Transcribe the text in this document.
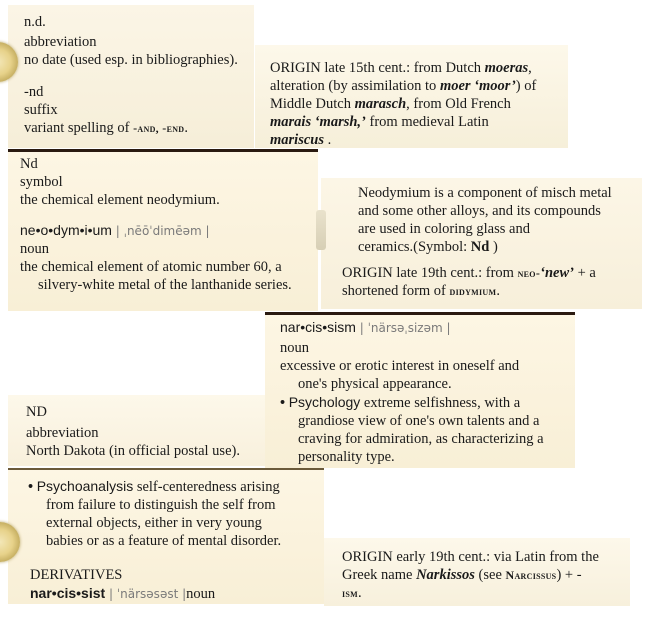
n.d.
abbreviation
no date (used esp. in bibliographies).
-nd
suffix
variant spelling of -and, -end.
ORIGIN late 15th cent.: from Dutch moeras,
alteration (by assimilation to moer ‘moor’) of
Middle Dutch marasch, from Old French
marais ‘marsh,’ from medieval Latin
mariscus .
Nd
symbol
the chemical element neodymium.
ne•o•dym•i•um | ˌnēōˈdimēəm |
noun
the chemical element of atomic number 60, a
silvery-white metal of the lanthanide series.
Neodymium is a component of misch metal
and some other alloys, and its compounds
are used in coloring glass and
ceramics.(Symbol: Nd )
ORIGIN late 19th cent.: from neo-‘new’ + a
shortened form of didymium.
nar•cis•sism | ˈnärsəˌsizəm |
noun
excessive or erotic interest in oneself and
one's physical appearance.
• Psychology extreme selfishness, with a
grandiose view of one's own talents and a
craving for admiration, as characterizing a
personality type.
ND
abbreviation
North Dakota (in official postal use).
• Psychoanalysis self-centeredness arising
from failure to distinguish the self from
external objects, either in very young
babies or as a feature of mental disorder.
DERIVATIVES
nar•cis•sist | ˈnärsəsəst |noun
ORIGIN early 19th cent.: via Latin from the
Greek name Narkissos (see Narcissus) + -
ism.
